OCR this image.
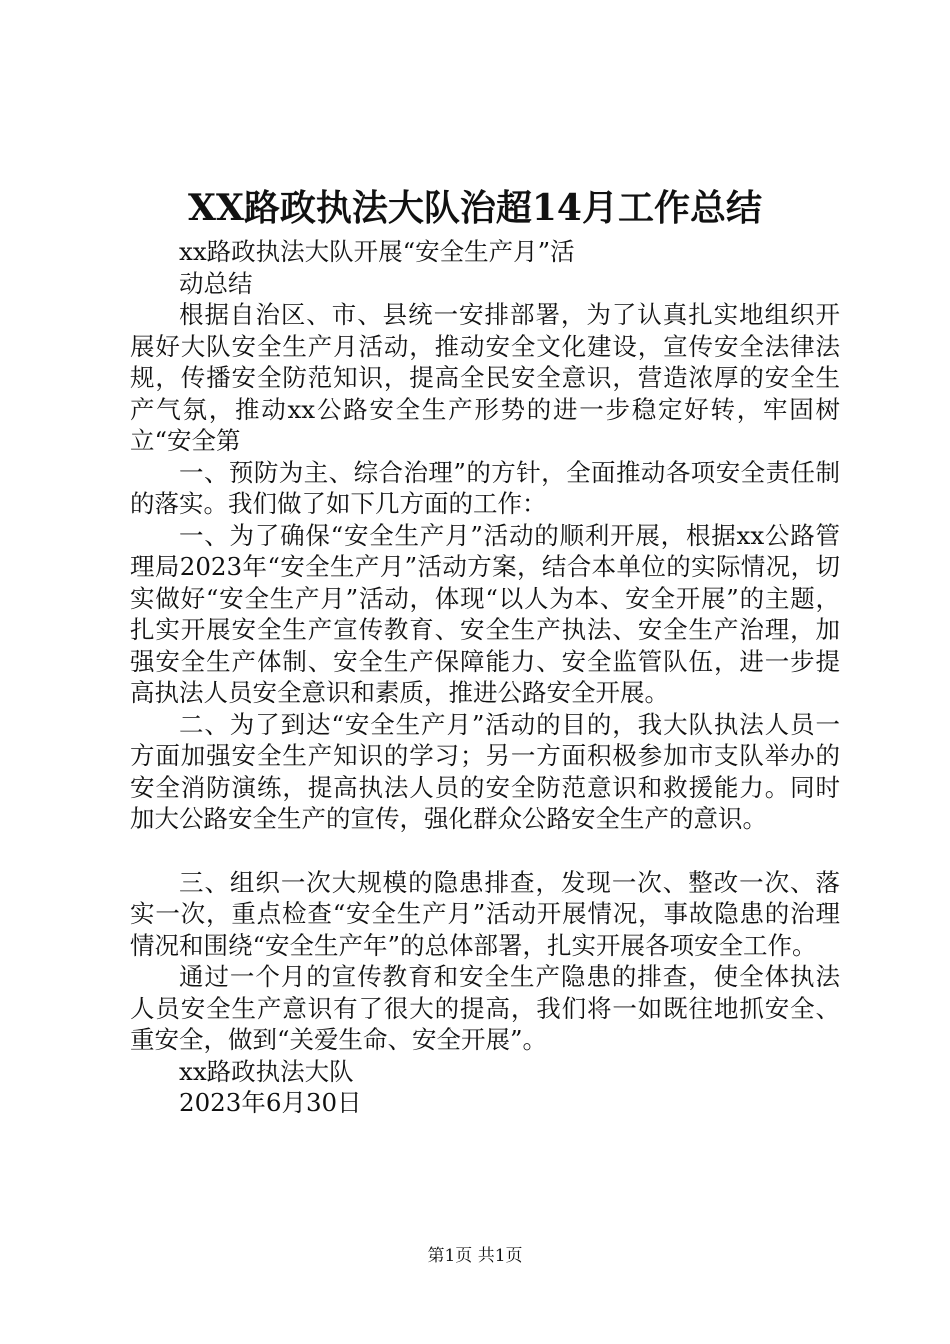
XX路政执法大队治超14月工作总结

xx路政执法大队开展“安全生产月”活

动总结

根据自治区、市、县统一安排部署，为了认真扎实地组织开展好大队安全生产月活动，推动安全文化建设，宣传安全法律法规，传播安全防范知识，提高全民安全意识，营造浓厚的安全生产气氛，推动xx公路安全生产形势的进一步稳定好转，牢固树立“安全第

一、预防为主、综合治理”的方针，全面推动各项安全责任制的落实。我们做了如下几方面的工作：

一、为了确保“安全生产月”活动的顺利开展，根据xx公路管理局2023年“安全生产月”活动方案，结合本单位的实际情况，切实做好“安全生产月”活动，体现“以人为本、安全开展”的主题，扎实开展安全生产宣传教育、安全生产执法、安全生产治理，加强安全生产体制、安全生产保障能力、安全监管队伍，进一步提高执法人员安全意识和素质，推进公路安全开展。

二、为了到达“安全生产月”活动的目的，我大队执法人员一方面加强安全生产知识的学习；另一方面积极参加市支队举办的安全消防演练，提高执法人员的安全防范意识和救援能力。同时加大公路安全生产的宣传，强化群众公路安全生产的意识。

三、组织一次大规模的隐患排查，发现一次、整改一次、落实一次，重点检查“安全生产月”活动开展情况，事故隐患的治理情况和围绕“安全生产年”的总体部署，扎实开展各项安全工作。

通过一个月的宣传教育和安全生产隐患的排查，使全体执法人员安全生产意识有了很大的提高，我们将一如既往地抓安全、重安全，做到“关爱生命、安全开展”。

xx路政执法大队

2023年6月30日

第1页 共1页
